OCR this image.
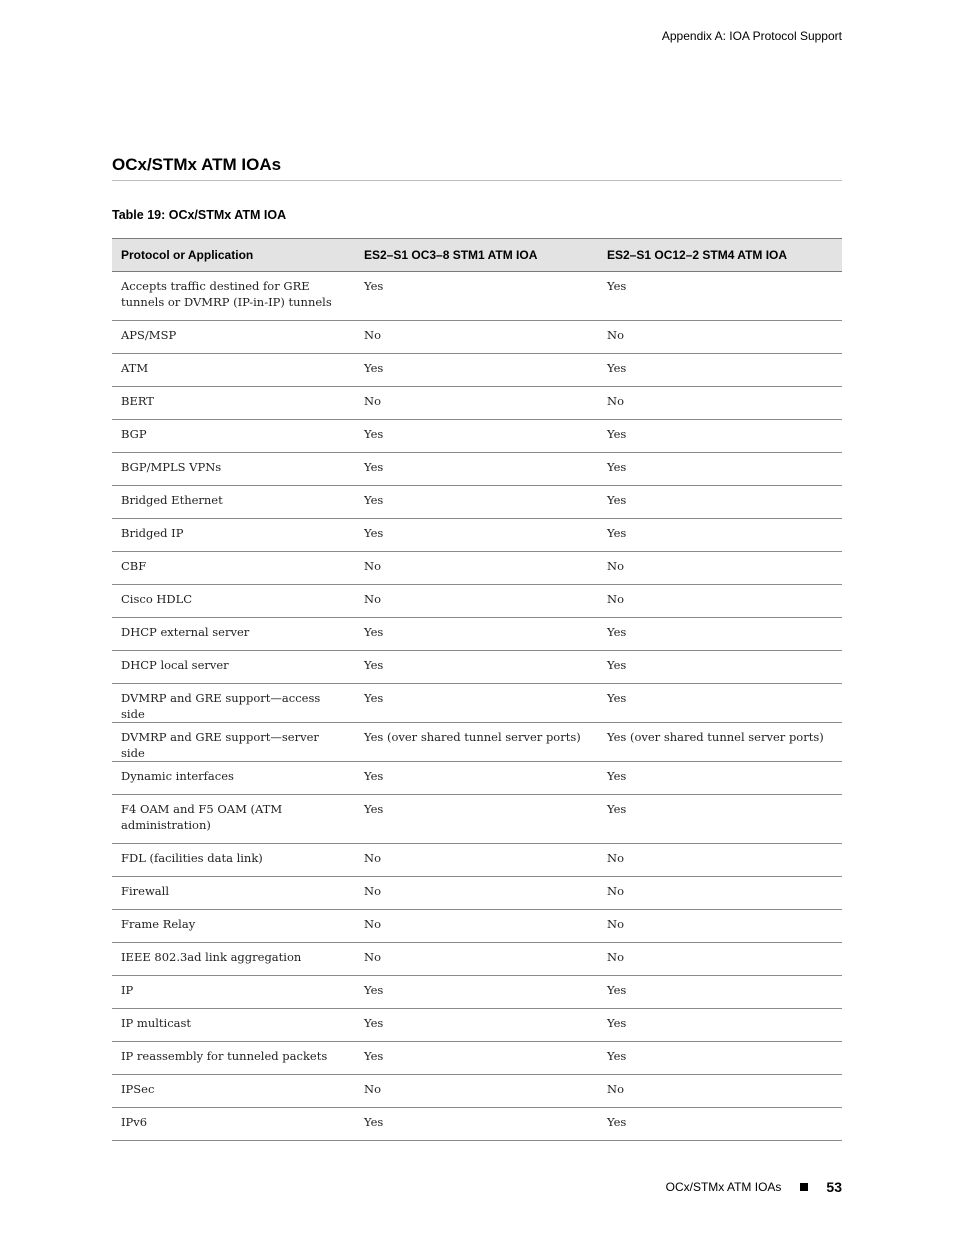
Appendix A: IOA Protocol Support
OCx/STMx ATM IOAs
Table 19: OCx/STMx ATM IOA
Protocol or Application	ES2–S1 OC3–8 STM1 ATM IOA	ES2–S1 OC12–2 STM4 ATM IOA
Accepts traffic destined for GRE tunnels or DVMRP (IP-in-IP) tunnels	Yes	Yes
APS/MSP	No	No
ATM	Yes	Yes
BERT	No	No
BGP	Yes	Yes
BGP/MPLS VPNs	Yes	Yes
Bridged Ethernet	Yes	Yes
Bridged IP	Yes	Yes
CBF	No	No
Cisco HDLC	No	No
DHCP external server	Yes	Yes
DHCP local server	Yes	Yes
DVMRP and GRE support—access side	Yes	Yes
DVMRP and GRE support—server side	Yes (over shared tunnel server ports)	Yes (over shared tunnel server ports)
Dynamic interfaces	Yes	Yes
F4 OAM and F5 OAM (ATM administration)	Yes	Yes
FDL (facilities data link)	No	No
Firewall	No	No
Frame Relay	No	No
IEEE 802.3ad link aggregation	No	No
IP	Yes	Yes
IP multicast	Yes	Yes
IP reassembly for tunneled packets	Yes	Yes
IPSec	No	No
IPv6	Yes	Yes
OCx/STMx ATM IOAs	53
